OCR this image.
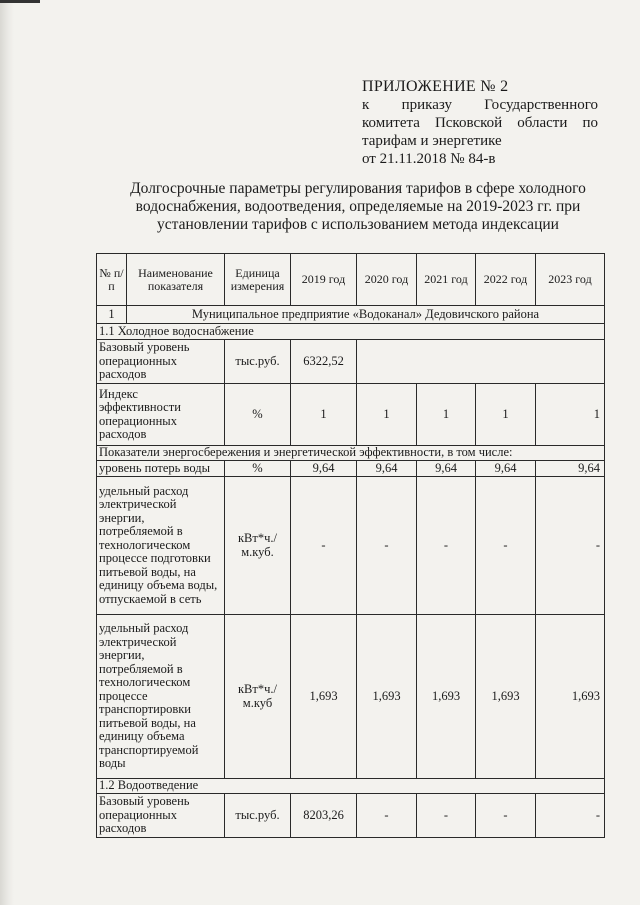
ПРИЛОЖЕНИЕ № 2
к приказу Государственного
комитета Псковской области по
тарифам и энергетике
от 21.11.2018 № 84-в
Долгосрочные параметры регулирования тарифов в сфере холодного
водоснабжения, водоотведения, определяемые на 2019-2023 гг. при
установлении тарифов с использованием метода индексации
№ п/п	Наименование показателя	Единица измерения	2019 год	2020 год	2021 год	2022 год	2023 год
1	Муниципальное предприятие «Водоканал» Дедовичского района						
1.1 Холодное водоснабжение							
Базовый уровень операционных расходов		тыс.руб.	6322,52				
Индекс эффективности операционных расходов		%	1	1	1	1	1
Показатели энергосбережения и энергетической эффективности, в том числе:							
уровень потерь воды		%	9,64	9,64	9,64	9,64	9,64
удельный расход электрической энергии, потребляемой в технологическом процессе подготовки питьевой воды, на единицу объема воды, отпускаемой в сеть		кВт*ч./м.куб.	-	-	-	-	-
удельный расход электрической энергии, потребляемой в технологическом процессе транспортировки питьевой воды, на единицу объема транспортируемой воды		кВт*ч./м.куб	1,693	1,693	1,693	1,693	1,693
1.2 Водоотведение							
Базовый уровень операционных расходов		тыс.руб.	8203,26	-	-	-	-
